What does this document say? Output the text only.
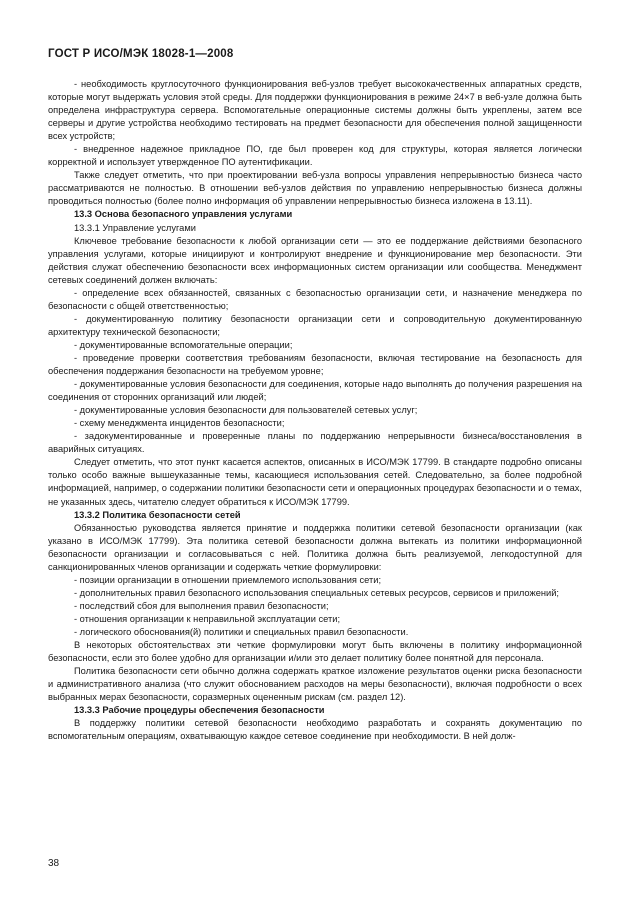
ГОСТ Р ИСО/МЭК 18028-1—2008

- необходимость круглосуточного функционирования веб-узлов требует высококачественных аппаратных средств, которые могут выдержать условия этой среды. Для поддержки функционирования в режиме 24×7 в веб-узле должна быть определена инфраструктура сервера. Вспомогательные операционные системы должны быть укреплены, затем все серверы и другие устройства необходимо тестировать на предмет безопасности для обеспечения полной защищенности всех устройств;

- внедренное надежное прикладное ПО, где был проверен код для структуры, которая является логически корректной и использует утвержденное ПО аутентификации.

Также следует отметить, что при проектировании веб-узла вопросы управления непрерывностью бизнеса часто рассматриваются не полностью. В отношении веб-узлов действия по управлению непрерывностью бизнеса должны проводиться полностью (более полно информация об управлении непрерывностью бизнеса изложена в 13.11).

13.3 Основа безопасного управления услугами

13.3.1 Управление услугами

Ключевое требование безопасности к любой организации сети — это ее поддержание действиями безопасного управления услугами, которые инициируют и контролируют внедрение и функционирование мер безопасности. Эти действия служат обеспечению безопасности всех информационных систем организации или сообщества. Менеджмент сетевых соединений должен включать:

- определение всех обязанностей, связанных с безопасностью организации сети, и назначение менеджера по безопасности с общей ответственностью;

- документированную политику безопасности организации сети и сопроводительную документированную архитектуру технической безопасности;

- документированные вспомогательные операции;

- проведение проверки соответствия требованиям безопасности, включая тестирование на безопасность для обеспечения поддержания безопасности на требуемом уровне;

- документированные условия безопасности для соединения, которые надо выполнять до получения разрешения на соединения от сторонних организаций или людей;

- документированные условия безопасности для пользователей сетевых услуг;

- схему менеджмента инцидентов безопасности;

- задокументированные и проверенные планы по поддержанию непрерывности бизнеса/восстановления в аварийных ситуациях.

Следует отметить, что этот пункт касается аспектов, описанных в ИСО/МЭК 17799. В стандарте подробно описаны только особо важные вышеуказанные темы, касающиеся использования сетей. Следовательно, за более подробной информацией, например, о содержании политики безопасности сети и операционных процедурах безопасности и о темах, не указанных здесь, читателю следует обратиться к ИСО/МЭК 17799.

13.3.2 Политика безопасности сетей

Обязанностью руководства является принятие и поддержка политики сетевой безопасности организации (как указано в ИСО/МЭК 17799). Эта политика сетевой безопасности должна вытекать из политики информационной безопасности организации и согласовываться с ней. Политика должна быть реализуемой, легкодоступной для санкционированных членов организации и содержать четкие формулировки:

- позиции организации в отношении приемлемого использования сети;

- дополнительных правил безопасного использования специальных сетевых ресурсов, сервисов и приложений;

- последствий сбоя для выполнения правил безопасности;

- отношения организации к неправильной эксплуатации сети;

- логического обоснования(й) политики и специальных правил безопасности.

В некоторых обстоятельствах эти четкие формулировки могут быть включены в политику информационной безопасности, если это более удобно для организации и/или это делает политику более понятной для персонала.

Политика безопасности сети обычно должна содержать краткое изложение результатов оценки риска безопасности и административного анализа (что служит обоснованием расходов на меры безопасности), включая подробности о всех выбранных мерах безопасности, соразмерных оцененным рискам (см. раздел 12).

13.3.3 Рабочие процедуры обеспечения безопасности

В поддержку политики сетевой безопасности необходимо разработать и сохранять документацию по вспомогательным операциям, охватывающую каждое сетевое соединение при необходимости. В ней долж-

38
